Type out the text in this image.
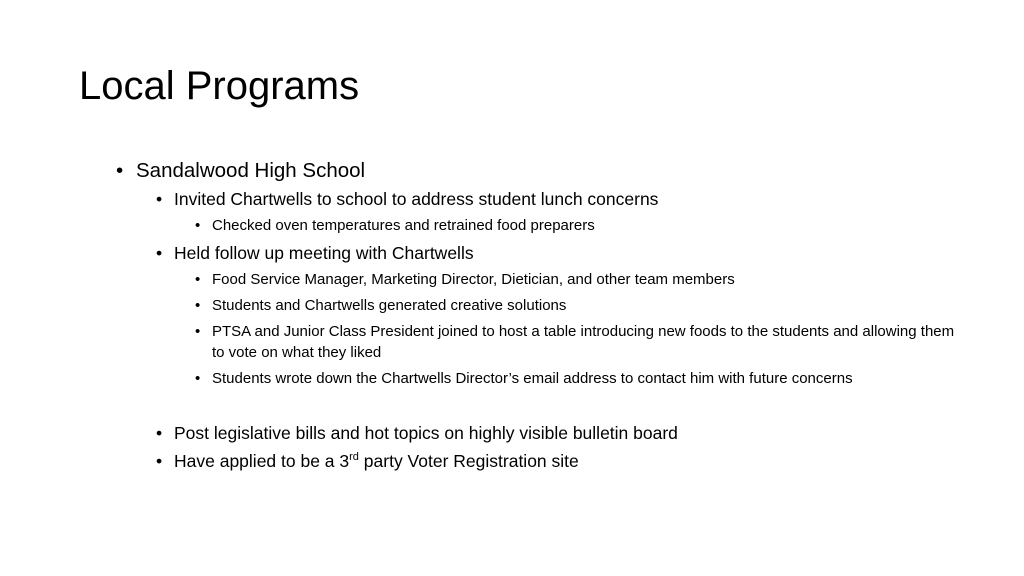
Local Programs

• Sandalwood High School

• Invited Chartwells to school to address student lunch concerns

• Checked oven temperatures and retrained food preparers

• Held follow up meeting with Chartwells

• Food Service Manager, Marketing Director, Dietician, and other team members

• Students and Chartwells generated creative solutions

• PTSA and Junior Class President joined to host a table introducing new foods to the students and allowing them to vote on what they liked

• Students wrote down the Chartwells Director’s email address to contact him with future concerns

• Post legislative bills and hot topics on highly visible bulletin board

• Have applied to be a 3rd party Voter Registration site
